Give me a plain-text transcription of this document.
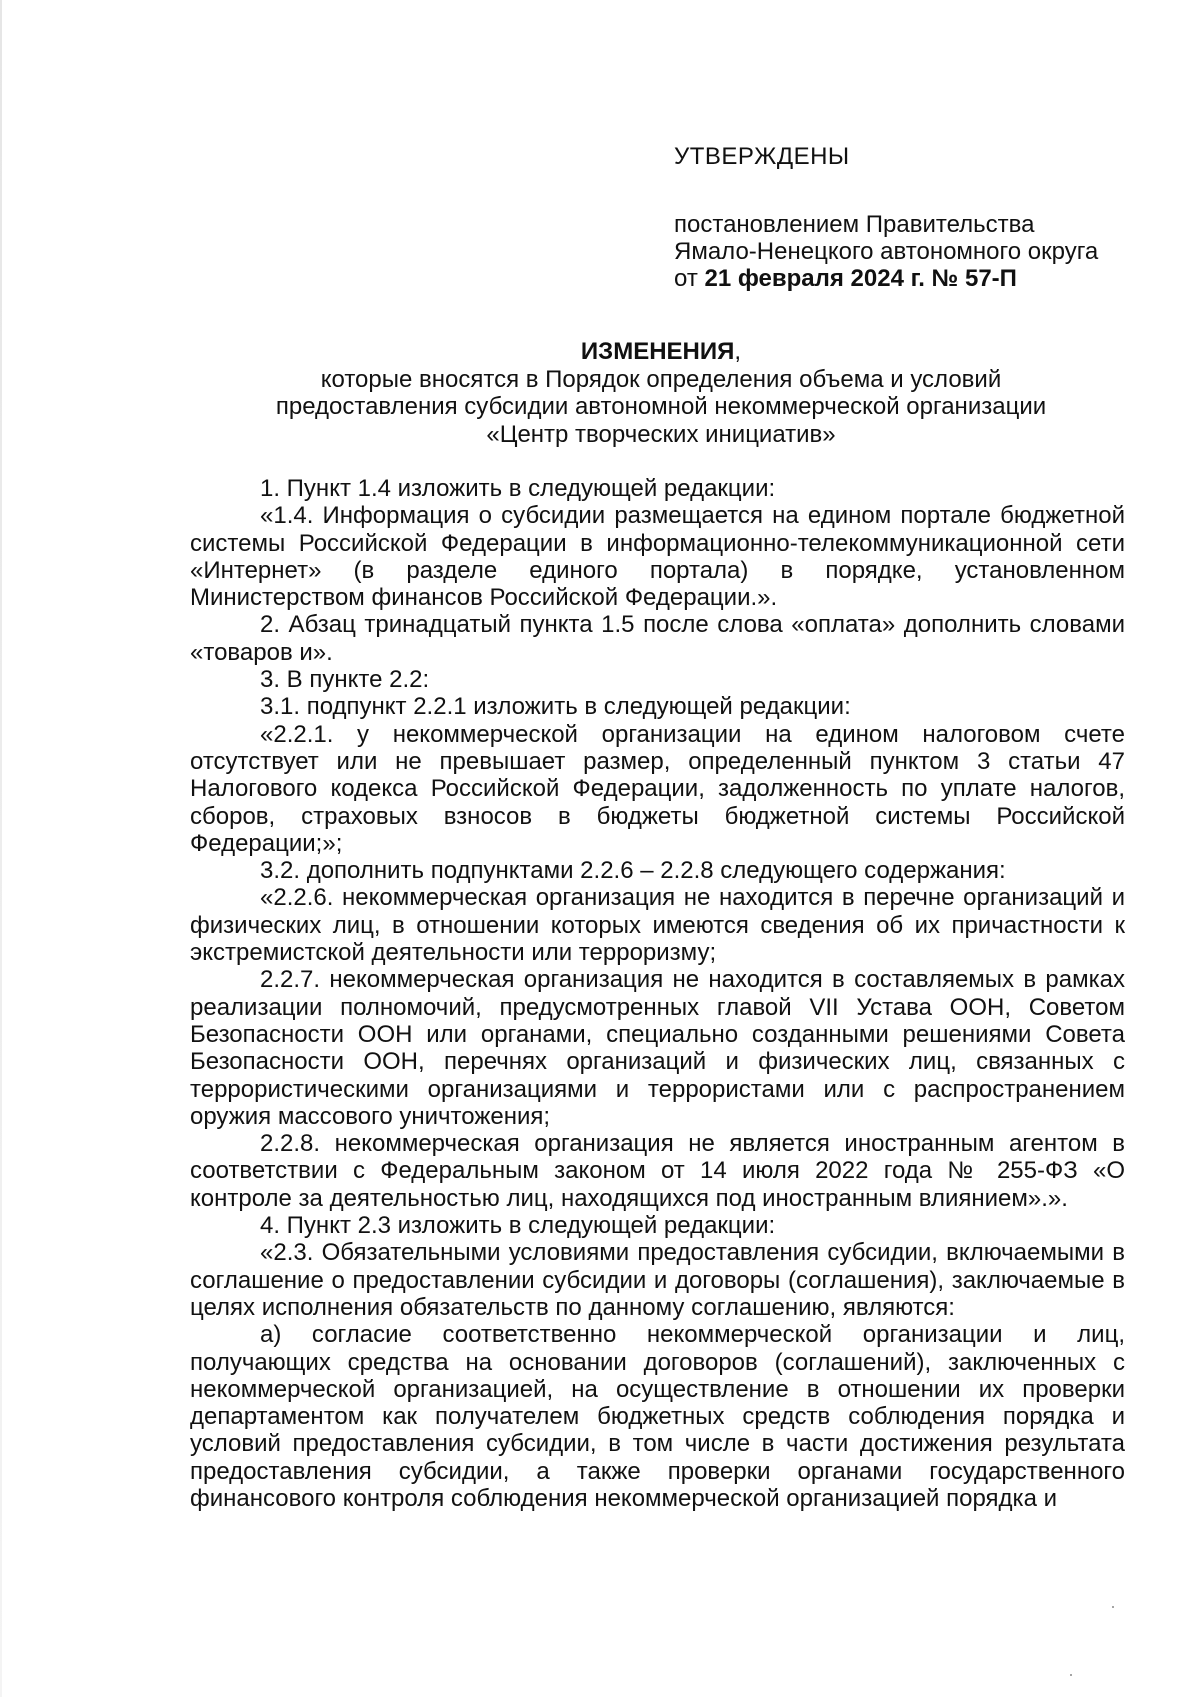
УТВЕРЖДЕНЫ
постановлением Правительства
Ямало-Ненецкого автономного округа
от 21 февраля 2024 г. № 57-П
ИЗМЕНЕНИЯ,
которые вносятся в Порядок определения объема и условий
предоставления субсидии автономной некоммерческой организации
«Центр творческих инициатив»

1. Пункт 1.4 изложить в следующей редакции:

«1.4. Информация о субсидии размещается на едином портале бюджетной системы Российской Федерации в информационно-телекоммуникационной сети «Интернет» (в разделе единого портала) в порядке, установленном Министерством финансов Российской Федерации.».

2. Абзац тринадцатый пункта 1.5 после слова «оплата» дополнить словами «товаров и».

3. В пункте 2.2:

3.1. подпункт 2.2.1 изложить в следующей редакции:

«2.2.1. у некоммерческой организации на едином налоговом счете отсутствует или не превышает размер, определенный пунктом 3 статьи 47 Налогового кодекса Российской Федерации, задолженность по уплате налогов, сборов, страховых взносов в бюджеты бюджетной системы Российской Федерации;»;

3.2. дополнить подпунктами 2.2.6 – 2.2.8 следующего содержания:

«2.2.6. некоммерческая организация не находится в перечне организаций и физических лиц, в отношении которых имеются сведения об их причастности к экстремистской деятельности или терроризму;

2.2.7. некоммерческая организация не находится в составляемых в рамках реализации полномочий, предусмотренных главой VII Устава ООН, Советом Безопасности ООН или органами, специально созданными решениями Совета Безопасности ООН, перечнях организаций и физических лиц, связанных с террористическими организациями и террористами или с распространением оружия массового уничтожения;

2.2.8. некоммерческая организация не является иностранным агентом в соответствии с Федеральным законом от 14 июля 2022 года № 255-ФЗ «О контроле за деятельностью лиц, находящихся под иностранным влиянием».».

4. Пункт 2.3 изложить в следующей редакции:

«2.3. Обязательными условиями предоставления субсидии, включаемыми в соглашение о предоставлении субсидии и договоры (соглашения), заключаемые в целях исполнения обязательств по данному соглашению, являются:

а) согласие соответственно некоммерческой организации и лиц, получающих средства на основании договоров (соглашений), заключенных с некоммерческой организацией, на осуществление в отношении их проверки департаментом как получателем бюджетных средств соблюдения порядка и условий предоставления субсидии, в том числе в части достижения результата предоставления субсидии, а также проверки органами государственного финансового контроля соблюдения некоммерческой организацией порядка и
